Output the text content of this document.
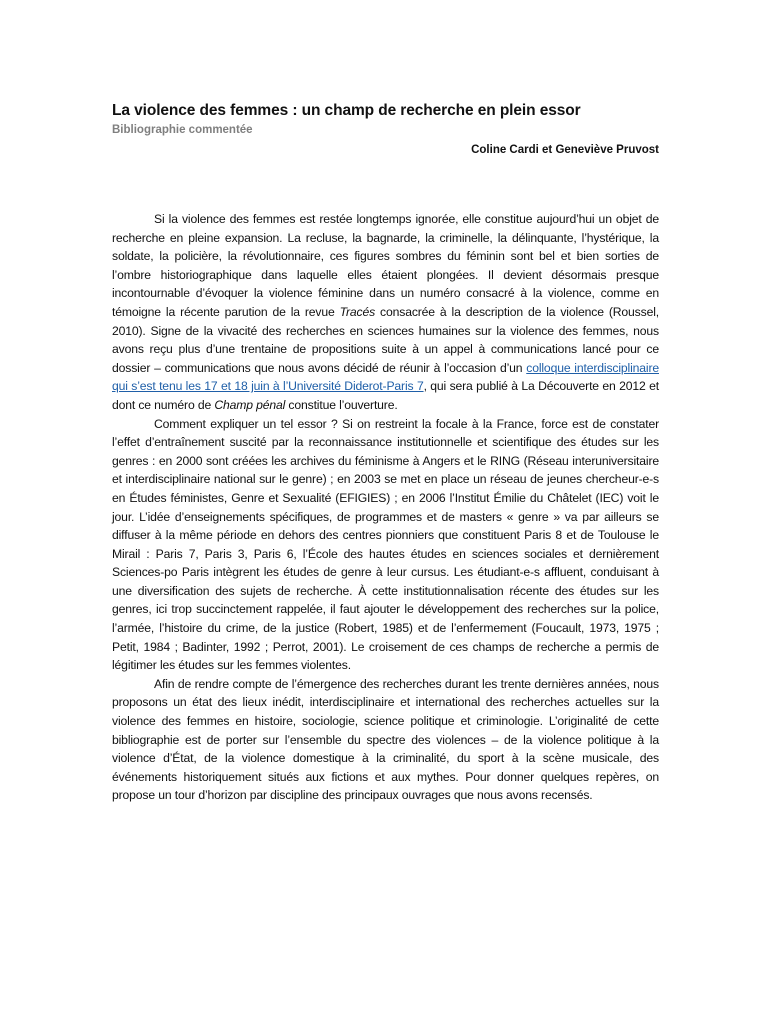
La violence des femmes : un champ de recherche en plein essor
Bibliographie commentée
Coline Cardi et Geneviève Pruvost

Si la violence des femmes est restée longtemps ignorée, elle constitue aujourd’hui un objet de recherche en pleine expansion. La recluse, la bagnarde, la criminelle, la délinquante, l’hystérique, la soldate, la policière, la révolutionnaire, ces figures sombres du féminin sont bel et bien sorties de l’ombre historiographique dans laquelle elles étaient plongées. Il devient désormais presque incontournable d’évoquer la violence féminine dans un numéro consacré à la violence, comme en témoigne la récente parution de la revue Tracés consacrée à la description de la violence (Roussel, 2010). Signe de la vivacité des recherches en sciences humaines sur la violence des femmes, nous avons reçu plus d’une trentaine de propositions suite à un appel à communications lancé pour ce dossier – communications que nous avons décidé de réunir à l’occasion d’un colloque interdisciplinaire qui s’est tenu les 17 et 18 juin à l’Université Diderot-Paris 7, qui sera publié à La Découverte en 2012 et dont ce numéro de Champ pénal constitue l’ouverture.

Comment expliquer un tel essor ? Si on restreint la focale à la France, force est de constater l’effet d’entraînement suscité par la reconnaissance institutionnelle et scientifique des études sur les genres : en 2000 sont créées les archives du féminisme à Angers et le RING (Réseau interuniversitaire et interdisciplinaire national sur le genre) ; en 2003 se met en place un réseau de jeunes chercheur-e-s en Études féministes, Genre et Sexualité (EFIGIES) ; en 2006 l’Institut Émilie du Châtelet (IEC) voit le jour. L’idée d’enseignements spécifiques, de programmes et de masters « genre » va par ailleurs se diffuser à la même période en dehors des centres pionniers que constituent Paris 8 et de Toulouse le Mirail : Paris 7, Paris 3, Paris 6, l’École des hautes études en sciences sociales et dernièrement Sciences-po Paris intègrent les études de genre à leur cursus. Les étudiant-e-s affluent, conduisant à une diversification des sujets de recherche. À cette institutionnalisation récente des études sur les genres, ici trop succinctement rappelée, il faut ajouter le développement des recherches sur la police, l’armée, l’histoire du crime, de la justice (Robert, 1985) et de l’enfermement (Foucault, 1973, 1975 ; Petit, 1984 ; Badinter, 1992 ; Perrot, 2001). Le croisement de ces champs de recherche a permis de légitimer les études sur les femmes violentes.

Afin de rendre compte de l’émergence des recherches durant les trente dernières années, nous proposons un état des lieux inédit, interdisciplinaire et international des recherches actuelles sur la violence des femmes en histoire, sociologie, science politique et criminologie. L’originalité de cette bibliographie est de porter sur l’ensemble du spectre des violences – de la violence politique à la violence d’État, de la violence domestique à la criminalité, du sport à la scène musicale, des événements historiquement situés aux fictions et aux mythes. Pour donner quelques repères, on propose un tour d’horizon par discipline des principaux ouvrages que nous avons recensés.
